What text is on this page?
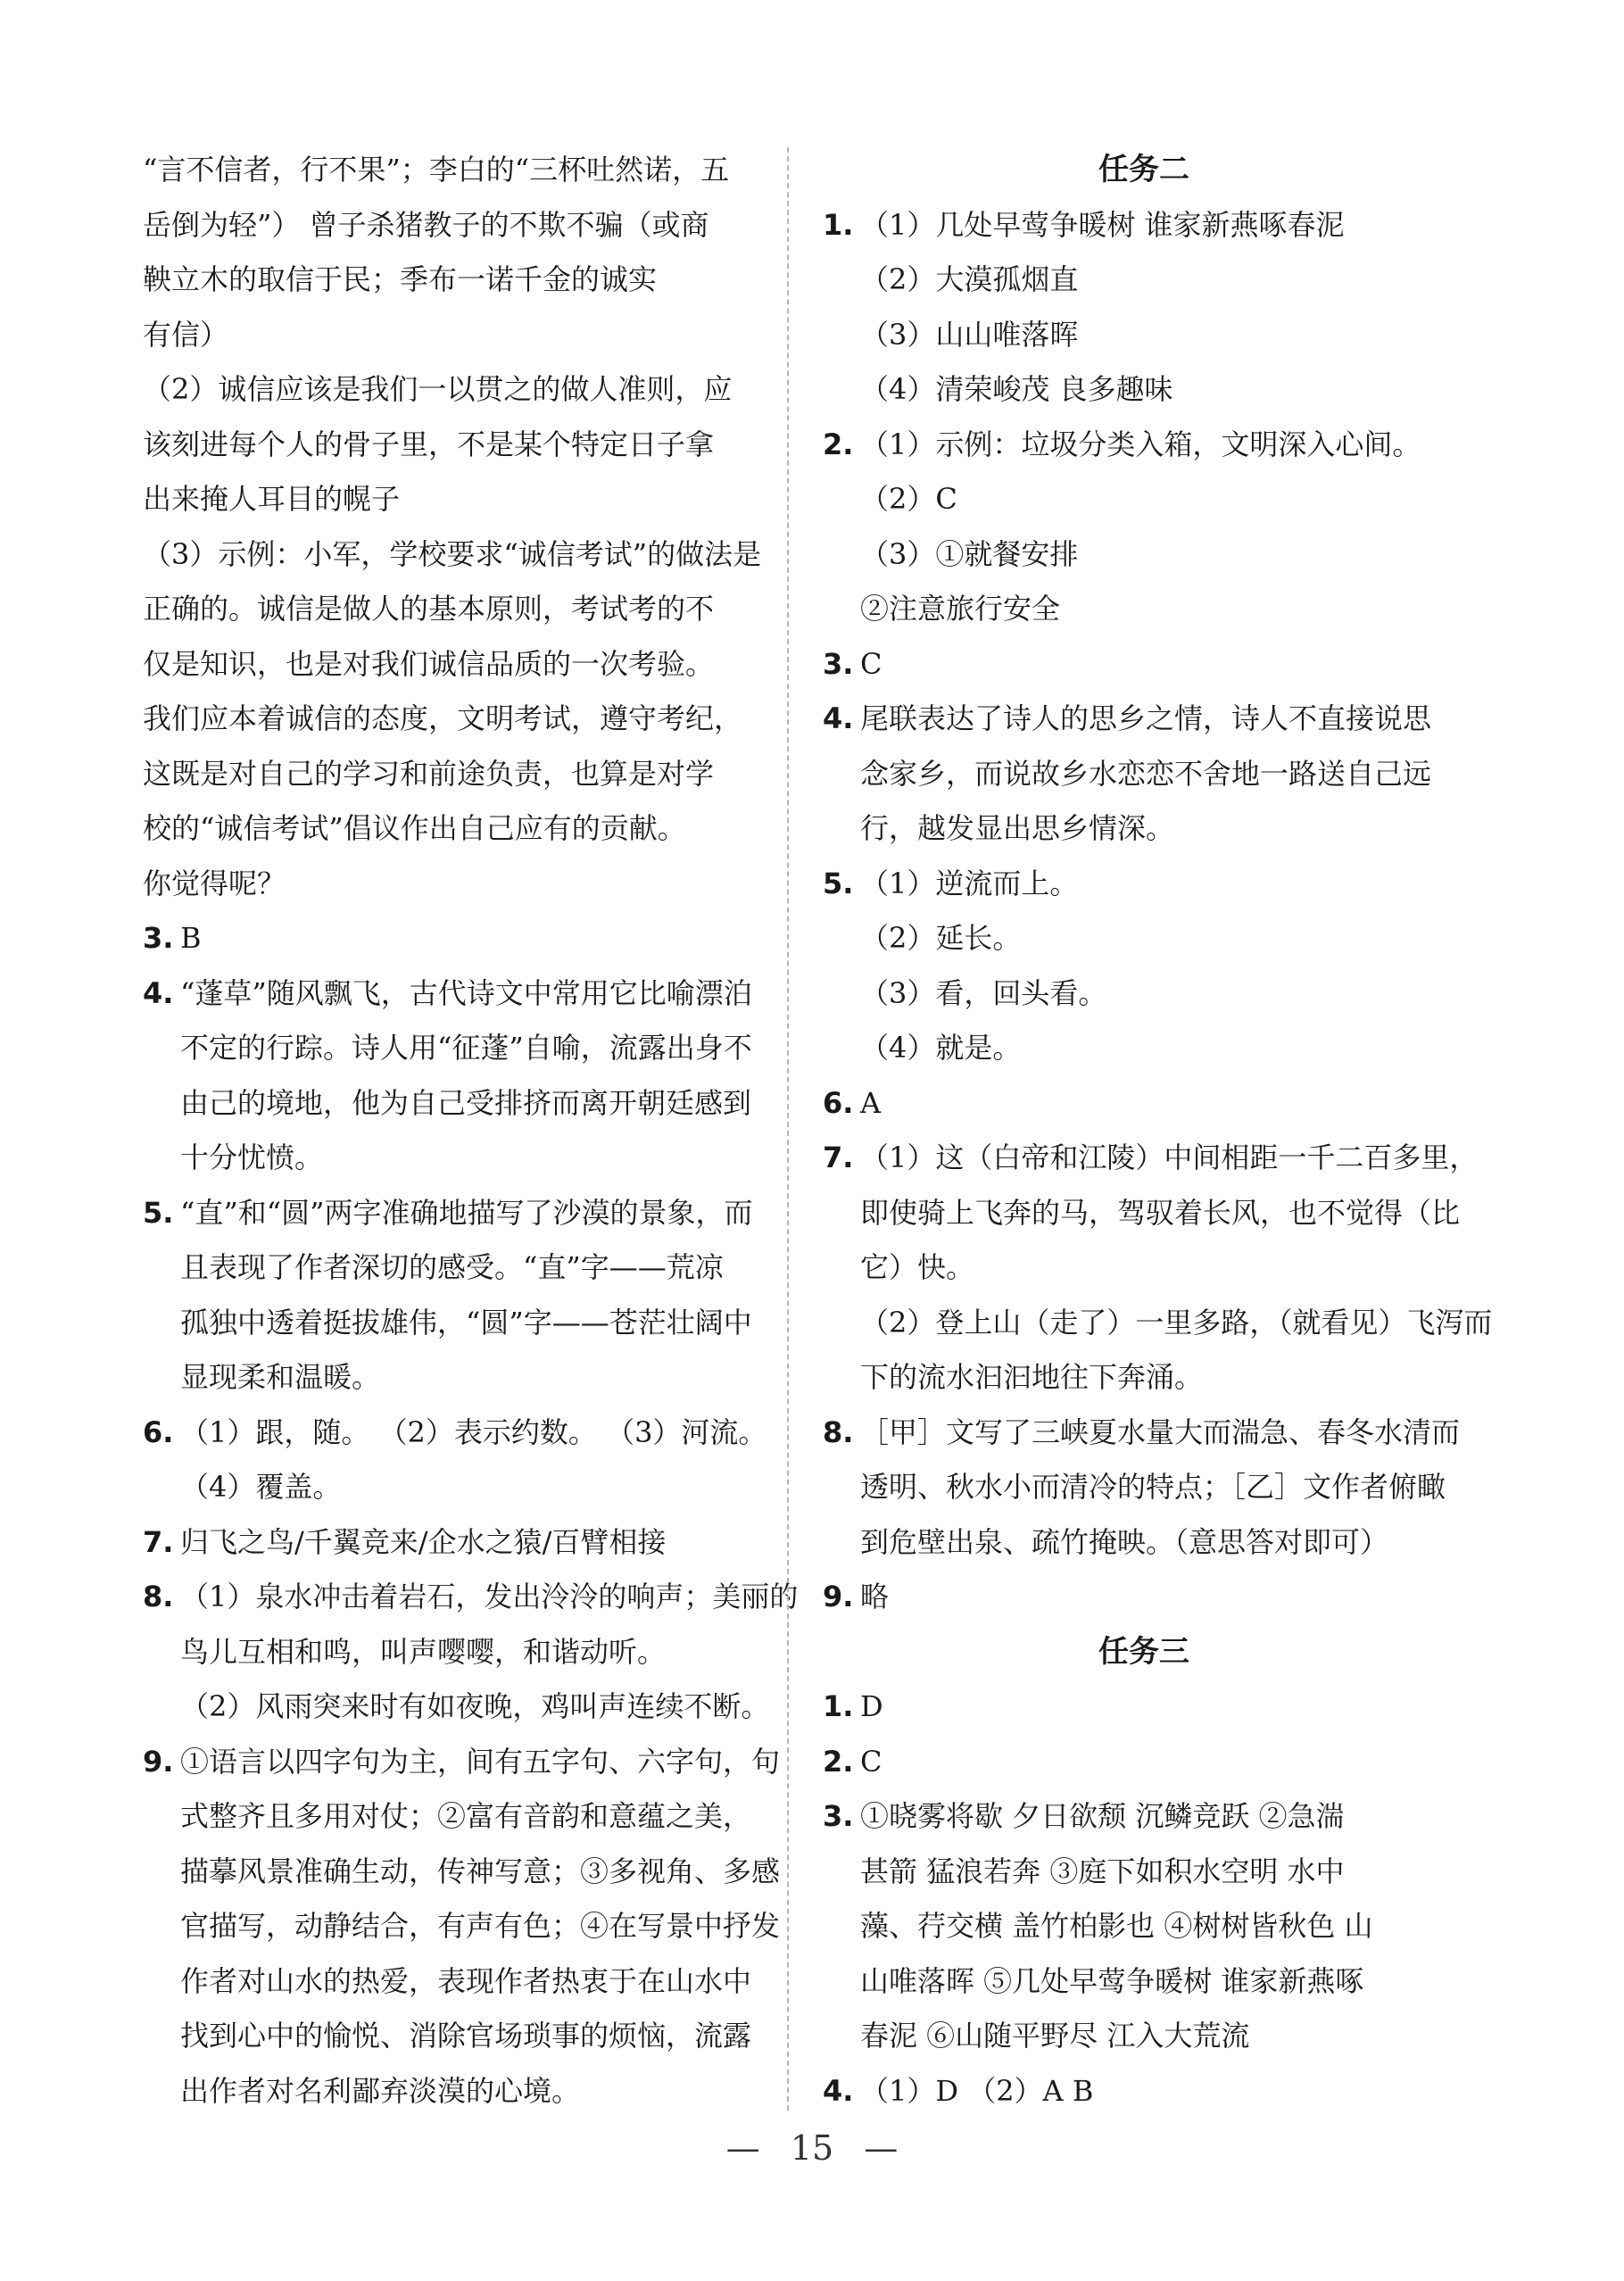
“言不信者，行不果”；李白的“三杯吐然诺，五
岳倒为轻”） 曾子杀猪教子的不欺不骗（或商
鞅立木的取信于民；季布一诺千金的诚实
有信）
（2）诚信应该是我们一以贯之的做人准则，应
该刻进每个人的骨子里，不是某个特定日子拿
出来掩人耳目的幌子
（3）示例：小军，学校要求“诚信考试”的做法是
正确的。诚信是做人的基本原则，考试考的不
仅是知识，也是对我们诚信品质的一次考验。
我们应本着诚信的态度，文明考试，遵守考纪，
这既是对自己的学习和前途负责，也算是对学
校的“诚信考试”倡议作出自己应有的贡献。
你觉得呢？
3. B
4. “蓬草”随风飘飞，古代诗文中常用它比喻漂泊
不定的行踪。诗人用“征蓬”自喻，流露出身不
由己的境地，他为自己受排挤而离开朝廷感到
十分忧愤。
5. “直”和“圆”两字准确地描写了沙漠的景象，而
且表现了作者深切的感受。“直”字——荒凉
孤独中透着挺拔雄伟，“圆”字——苍茫壮阔中
显现柔和温暖。
6. （1）跟，随。 （2）表示约数。 （3）河流。
（4）覆盖。
7. 归飞之鸟/千翼竞来/企水之猿/百臂相接
8. （1）泉水冲击着岩石，发出泠泠的响声；美丽的
鸟儿互相和鸣，叫声嘤嘤，和谐动听。
（2）风雨突来时有如夜晚，鸡叫声连续不断。
9. ①语言以四字句为主，间有五字句、六字句，句
式整齐且多用对仗；②富有音韵和意蕴之美，
描摹风景准确生动，传神写意；③多视角、多感
官描写，动静结合，有声有色；④在写景中抒发
作者对山水的热爱，表现作者热衷于在山水中
找到心中的愉悦、消除官场琐事的烦恼，流露
出作者对名利鄙弃淡漠的心境。
任务二
1. （1）几处早莺争暖树 谁家新燕啄春泥
（2）大漠孤烟直
（3）山山唯落晖
（4）清荣峻茂 良多趣味
2. （1）示例：垃圾分类入箱，文明深入心间。
（2）C
（3）①就餐安排
②注意旅行安全
3. C
4. 尾联表达了诗人的思乡之情，诗人不直接说思
念家乡，而说故乡水恋恋不舍地一路送自己远
行，越发显出思乡情深。
5. （1）逆流而上。
（2）延长。
（3）看，回头看。
（4）就是。
6. A
7. （1）这（白帝和江陵）中间相距一千二百多里，
即使骑上飞奔的马，驾驭着长风，也不觉得（比
它）快。
（2）登上山（走了）一里多路，（就看见）飞泻而
下的流水汩汩地往下奔涌。
8. ［甲］文写了三峡夏水量大而湍急、春冬水清而
透明、秋水小而清冷的特点；［乙］文作者俯瞰
到危壁出泉、疏竹掩映。（意思答对即可）
9. 略
任务三
1. D
2. C
3. ①晓雾将歇 夕日欲颓 沉鳞竞跃 ②急湍
甚箭 猛浪若奔 ③庭下如积水空明 水中
藻、荇交横 盖竹柏影也 ④树树皆秋色 山
山唯落晖 ⑤几处早莺争暖树 谁家新燕啄
春泥 ⑥山随平野尽 江入大荒流
4. （1）D （2）A B
— 15 —
